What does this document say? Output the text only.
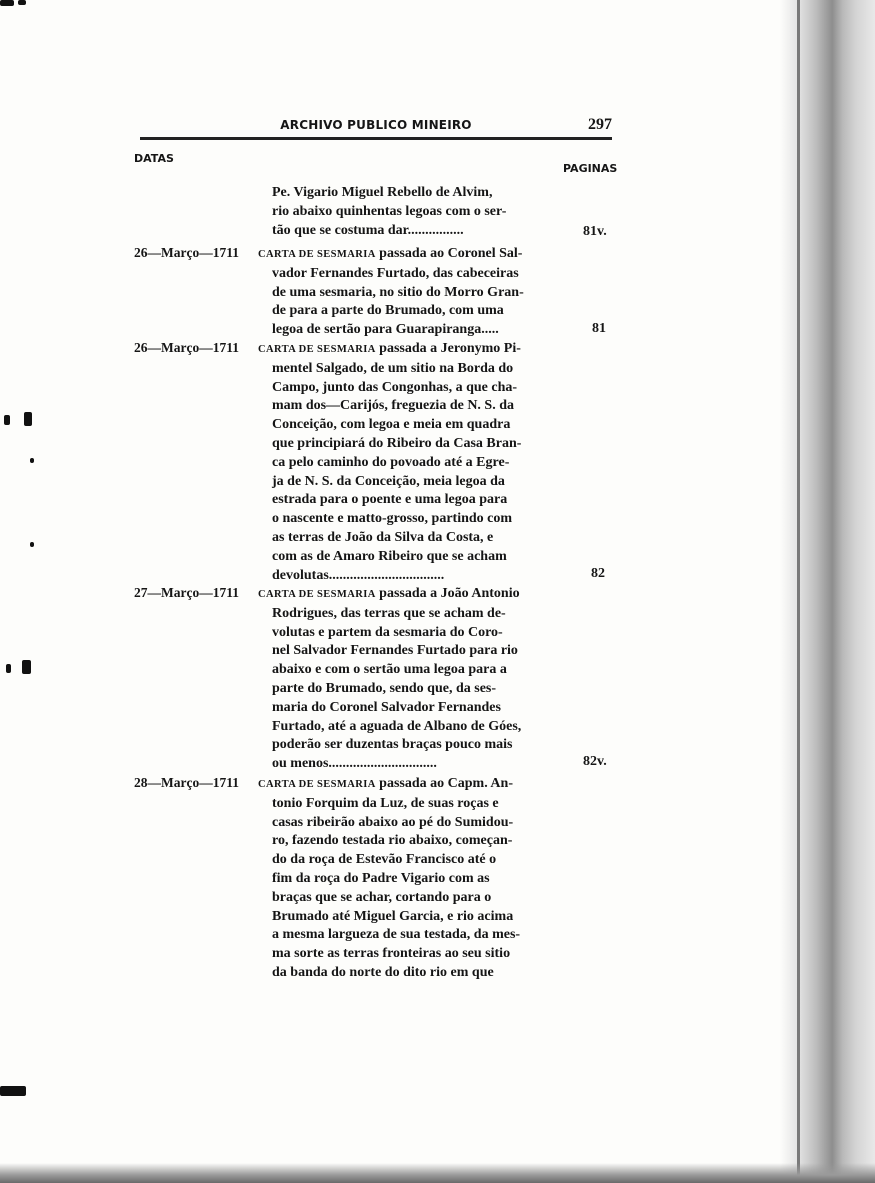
ARCHIVO PUBLICO MINEIRO	297
DATAS
PAGINAS
Pe. Vigario Miguel Rebello de Alvim,
rio abaixo quinhentas legoas com o ser-
tão que se costuma dar................	81v.
26—Março—1711 CARTA DE SESMARIA passada ao Coronel Sal-
vador Fernandes Furtado, das cabeceiras
de uma sesmaria, no sitio do Morro Gran-
de para a parte do Brumado, com uma
legoa de sertão para Guarapiranga.....	81
26—Março—1711 CARTA DE SESMARIA passada a Jeronymo Pi-
mentel Salgado, de um sitio na Borda do
Campo, junto das Congonhas, a que cha-
mam dos—Carijós, freguezia de N. S. da
Conceição, com legoa e meia em quadra
que principiará do Ribeiro da Casa Bran-
ca pelo caminho do povoado até a Egre-
ja de N. S. da Conceição, meia legoa da
estrada para o poente e uma legoa para
o nascente e matto-grosso, partindo com
as terras de João da Silva da Costa, e
com as de Amaro Ribeiro que se acham
devolutas.................................	82
27—Março—1711 CARTA DE SESMARIA passada a João Antonio
Rodrigues, das terras que se acham de-
volutas e partem da sesmaria do Coro-
nel Salvador Fernandes Furtado para rio
abaixo e com o sertão uma legoa para a
parte do Brumado, sendo que, da ses-
maria do Coronel Salvador Fernandes
Furtado, até a aguada de Albano de Góes,
poderão ser duzentas braças pouco mais
ou menos...............................	82v.
28—Março—1711 CARTA DE SESMARIA passada ao Capm. An-
tonio Forquim da Luz, de suas roças e
casas ribeirão abaixo ao pé do Sumidou-
ro, fazendo testada rio abaixo, começan-
do da roça de Estevão Francisco até o
fim da roça do Padre Vigario com as
braças que se achar, cortando para o
Brumado até Miguel Garcia, e rio acima
a mesma largueza de sua testada, da mes-
ma sorte as terras fronteiras ao seu sitio
da banda do norte do dito rio em que
